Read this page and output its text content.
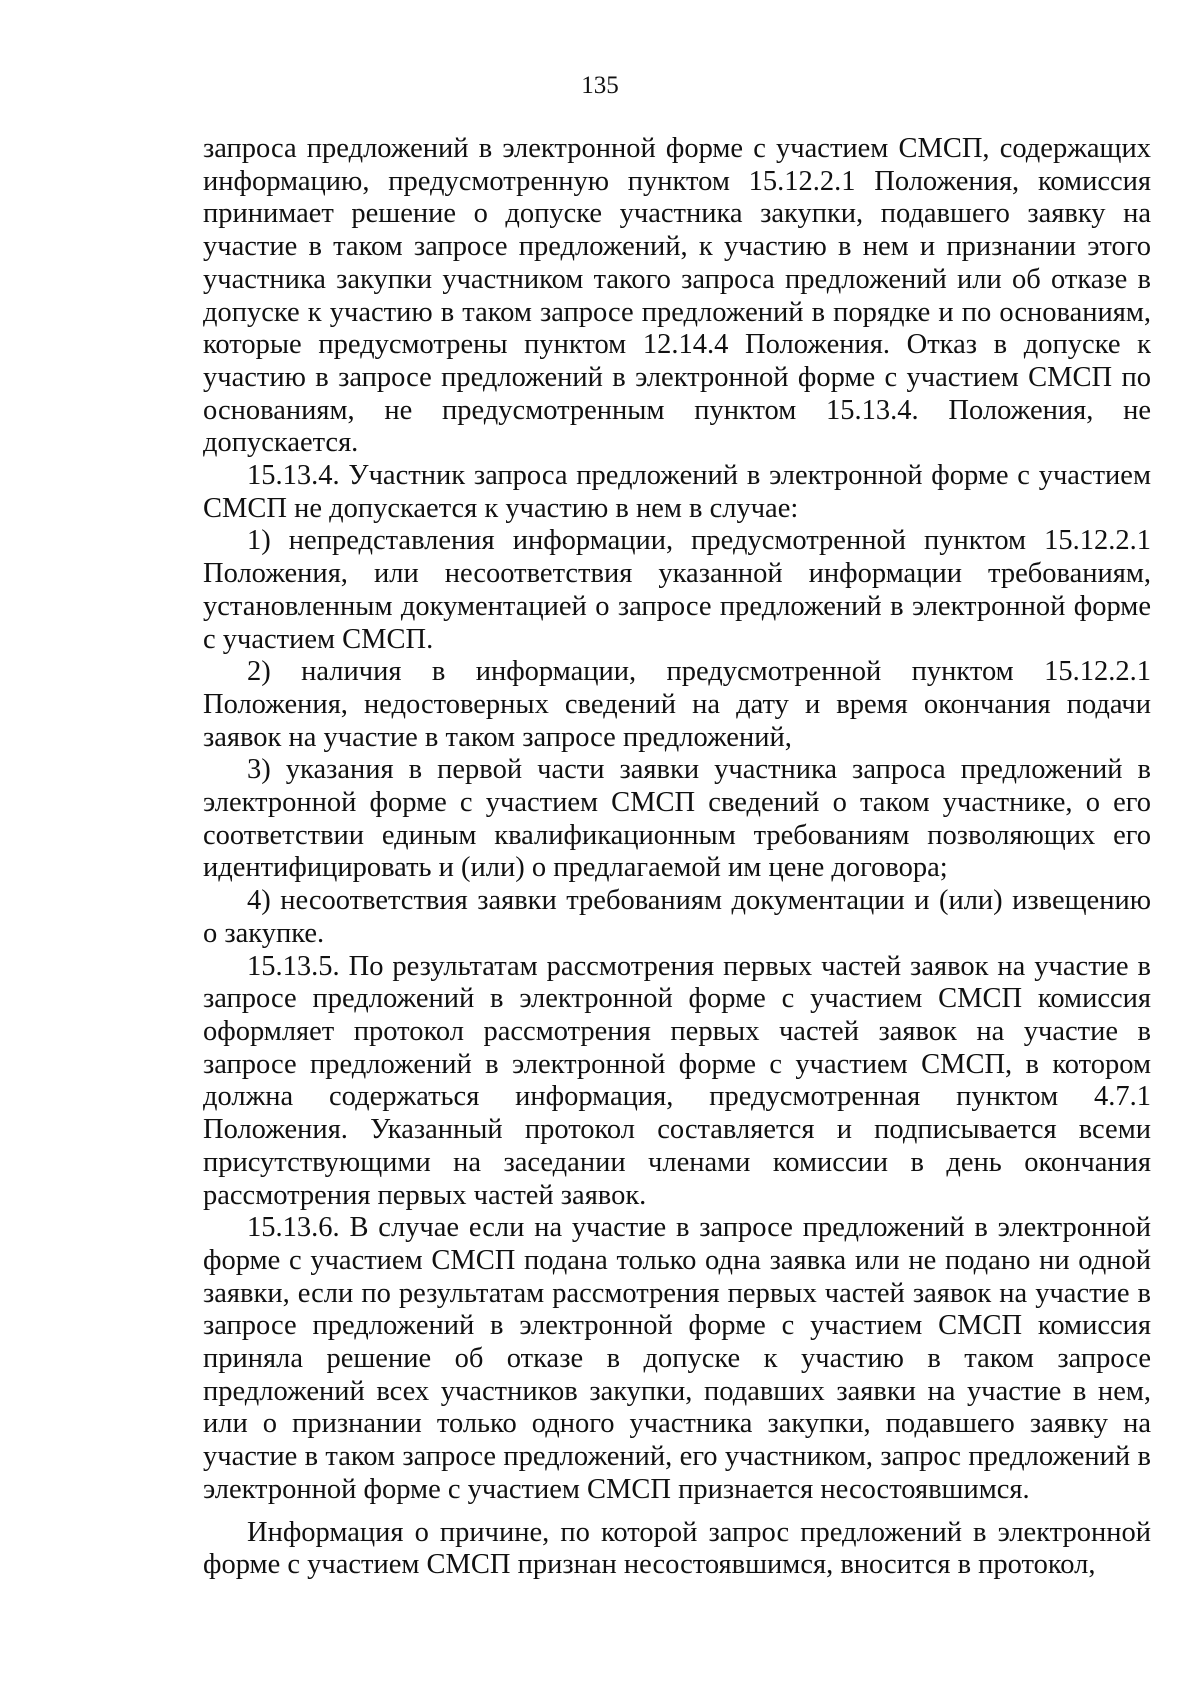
135

запроса предложений в электронной форме с участием СМСП, содержащих информацию, предусмотренную пунктом 15.12.2.1 Положения, комиссия принимает решение о допуске участника закупки, подавшего заявку на участие в таком запросе предложений, к участию в нем и признании этого участника закупки участником такого запроса предложений или об отказе в допуске к участию в таком запросе предложений в порядке и по основаниям, которые предусмотрены пунктом 12.14.4 Положения. Отказ в допуске к участию в запросе предложений в электронной форме с участием СМСП по основаниям, не предусмотренным пунктом 15.13.4. Положения, не допускается.

15.13.4. Участник запроса предложений в электронной форме с участием СМСП не допускается к участию в нем в случае:

1) непредставления информации, предусмотренной пунктом 15.12.2.1 Положения, или несоответствия указанной информации требованиям, установленным документацией о запросе предложений в электронной форме с участием СМСП.

2) наличия в информации, предусмотренной пунктом 15.12.2.1 Положения, недостоверных сведений на дату и время окончания подачи заявок на участие в таком запросе предложений,

3) указания в первой части заявки участника запроса предложений в электронной форме с участием СМСП сведений о таком участнике, о его соответствии единым квалификационным требованиям позволяющих его идентифицировать и (или) о предлагаемой им цене договора;

4) несоответствия заявки требованиям документации и (или) извещению о закупке.

15.13.5. По результатам рассмотрения первых частей заявок на участие в запросе предложений в электронной форме с участием СМСП комиссия оформляет протокол рассмотрения первых частей заявок на участие в запросе предложений в электронной форме с участием СМСП, в котором должна содержаться информация, предусмотренная пунктом 4.7.1 Положения. Указанный протокол составляется и подписывается всеми присутствующими на заседании членами комиссии в день окончания рассмотрения первых частей заявок.

15.13.6. В случае если на участие в запросе предложений в электронной форме с участием СМСП подана только одна заявка или не подано ни одной заявки, если по результатам рассмотрения первых частей заявок на участие в запросе предложений в электронной форме с участием СМСП комиссия приняла решение об отказе в допуске к участию в таком запросе предложений всех участников закупки, подавших заявки на участие в нем, или о признании только одного участника закупки, подавшего заявку на участие в таком запросе предложений, его участником, запрос предложений в электронной форме с участием СМСП признается несостоявшимся.

Информация о причине, по которой запрос предложений в электронной форме с участием СМСП признан несостоявшимся, вносится в протокол,
